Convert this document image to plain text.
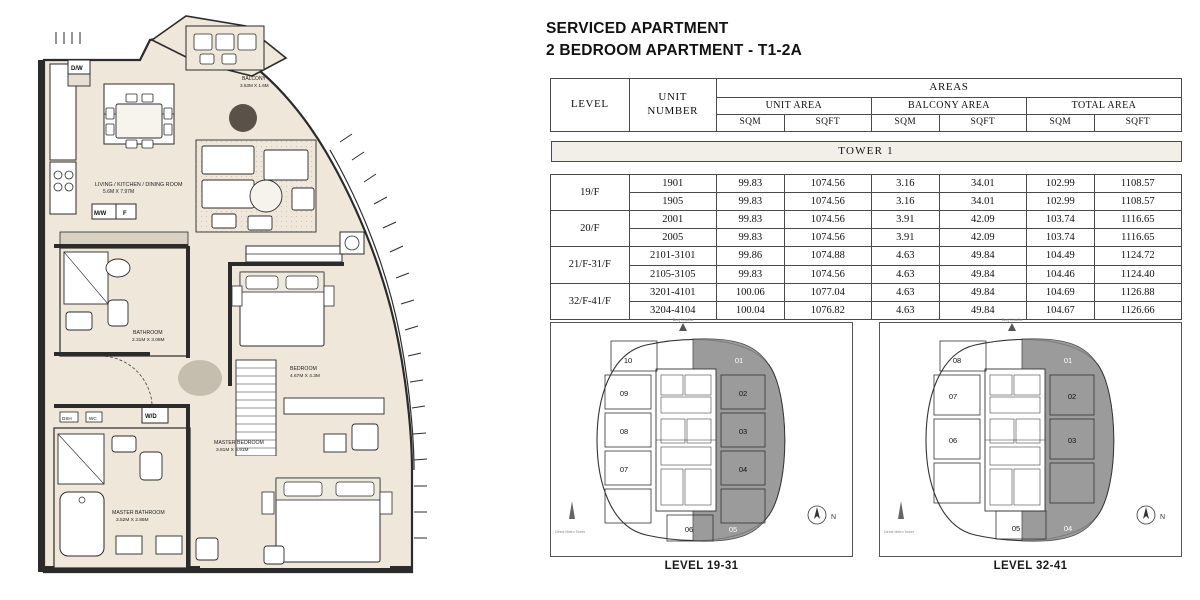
LIVING / KITCHEN / DINING ROOM
5.6M X 7.97M
D/W
M/W	F
W/D
BALCONY
3.53M X 1.6M
BEDROOM
4.67M X 4.3M
BATHROOM
2.31M X 3.08M
MASTER BEDROOM
3.81M X 5.91M
MASTER BATHROOM
3.52M X 2.85M
DSH	WC
SERVICED APARTMENT
2 BEDROOM APARTMENT - T1-2A
LEVEL	UNIT NUMBER	AREAS					
		UNIT AREA		BALCONY AREA		TOTAL AREA	
		SQM	SQFT	SQM	SQFT	SQM	SQFT

TOWER 1							

19/F	1901	99.83	1074.56	3.16	34.01	102.99	1108.57
	1905	99.83	1074.56	3.16	34.01	102.99	1108.57
20/F	2001	99.83	1074.56	3.91	42.09	103.74	1116.65
	2005	99.83	1074.56	3.91	42.09	103.74	1116.65
21/F-31/F	2101-3101	99.86	1074.88	4.63	49.84	104.49	1124.72
	2105-3105	99.83	1074.56	4.63	49.84	104.46	1124.40
32/F-41/F	3201-4101	100.06	1077.04	4.63	49.84	104.69	1126.88
	3204-4104	100.04	1076.82	4.63	49.84	104.67	1126.66
10
09
08
07
06
01
02
03
04
05
N
Burj Khalifa
Direct Metro Tower
LEVEL 19-31
08
07
06
05
01
02
03
04
N
Burj Khalifa
Direct Metro Tower
LEVEL 32-41
